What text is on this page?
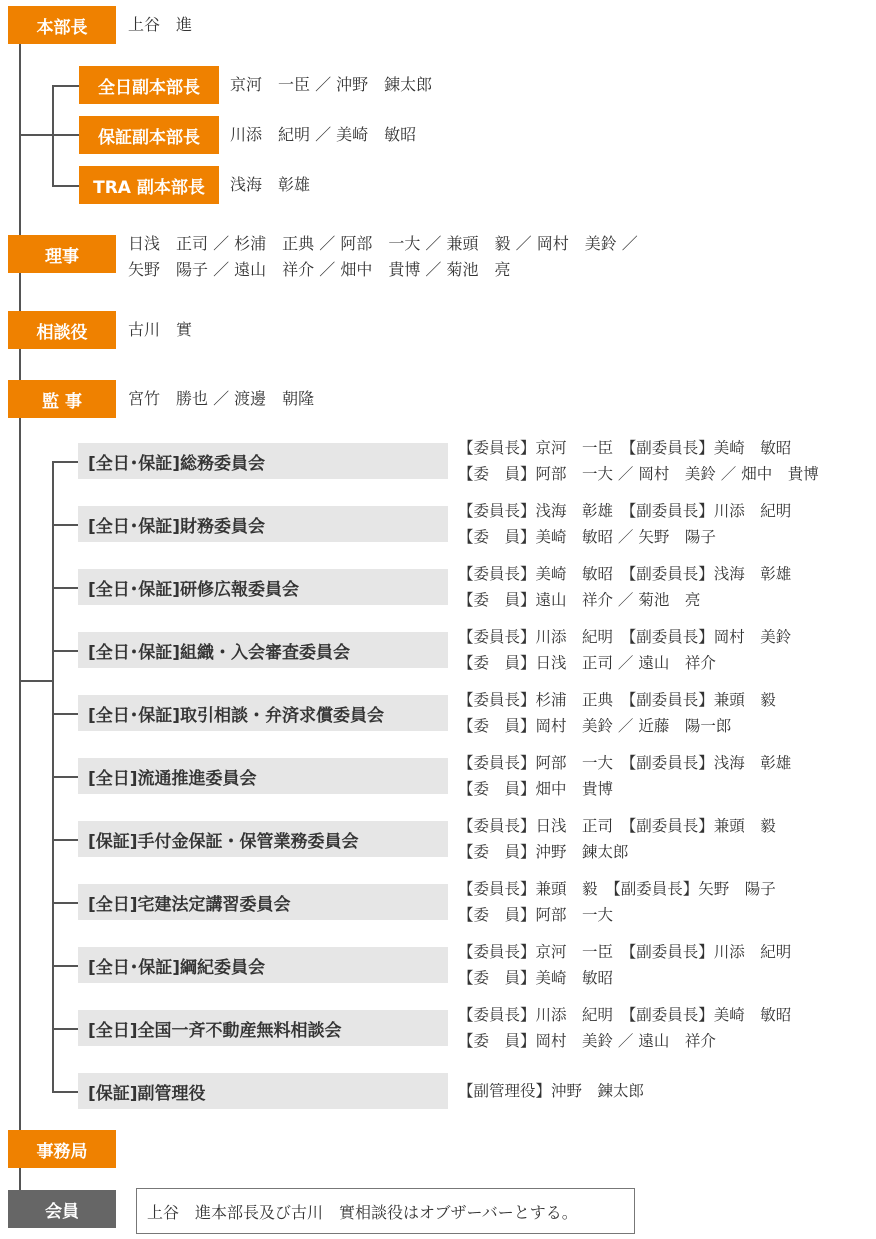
本部長	上谷　進
全日副本部長	京河　一臣 ／ 沖野　錬太郎
保証副本部長	川添　紀明 ／ 美崎　敏昭
TRA 副本部長	浅海　彰雄
理事
日浅　正司 ／ 杉浦　正典 ／ 阿部　一大 ／ 兼頭　毅 ／ 岡村　美鈴 ／
矢野　陽子 ／ 遠山　祥介 ／ 畑中　貴博 ／ 菊池　亮
相談役	古川　實
監 事	宮竹　勝也 ／ 渡邊　朝隆
[全日･保証]総務委員会
【委員長】京河　一臣　【副委員長】美崎　敏昭
【委　員】阿部　一大 ／ 岡村　美鈴 ／ 畑中　貴博
[全日･保証]財務委員会
【委員長】浅海　彰雄　【副委員長】川添　紀明
【委　員】美崎　敏昭 ／ 矢野　陽子
[全日･保証]研修広報委員会
【委員長】美崎　敏昭　【副委員長】浅海　彰雄
【委　員】遠山　祥介 ／ 菊池　亮
[全日･保証]組織・入会審査委員会
【委員長】川添　紀明　【副委員長】岡村　美鈴
【委　員】日浅　正司 ／ 遠山　祥介
[全日･保証]取引相談・弁済求償委員会
【委員長】杉浦　正典　【副委員長】兼頭　毅
【委　員】岡村　美鈴 ／ 近藤　陽一郎
[全日]流通推進委員会
【委員長】阿部　一大　【副委員長】浅海　彰雄
【委　員】畑中　貴博
[保証]手付金保証・保管業務委員会
【委員長】日浅　正司　【副委員長】兼頭　毅
【委　員】沖野　錬太郎
[全日]宅建法定講習委員会
【委員長】兼頭　毅　【副委員長】矢野　陽子
【委　員】阿部　一大
[全日･保証]綱紀委員会
【委員長】京河　一臣　【副委員長】川添　紀明
【委　員】美崎　敏昭
[全日]全国一斉不動産無料相談会
【委員長】川添　紀明　【副委員長】美崎　敏昭
【委　員】岡村　美鈴 ／ 遠山　祥介
[保証]副管理役	【副管理役】沖野　錬太郎
事務局
会員	上谷　進本部長及び古川　實相談役はオブザーバーとする。
